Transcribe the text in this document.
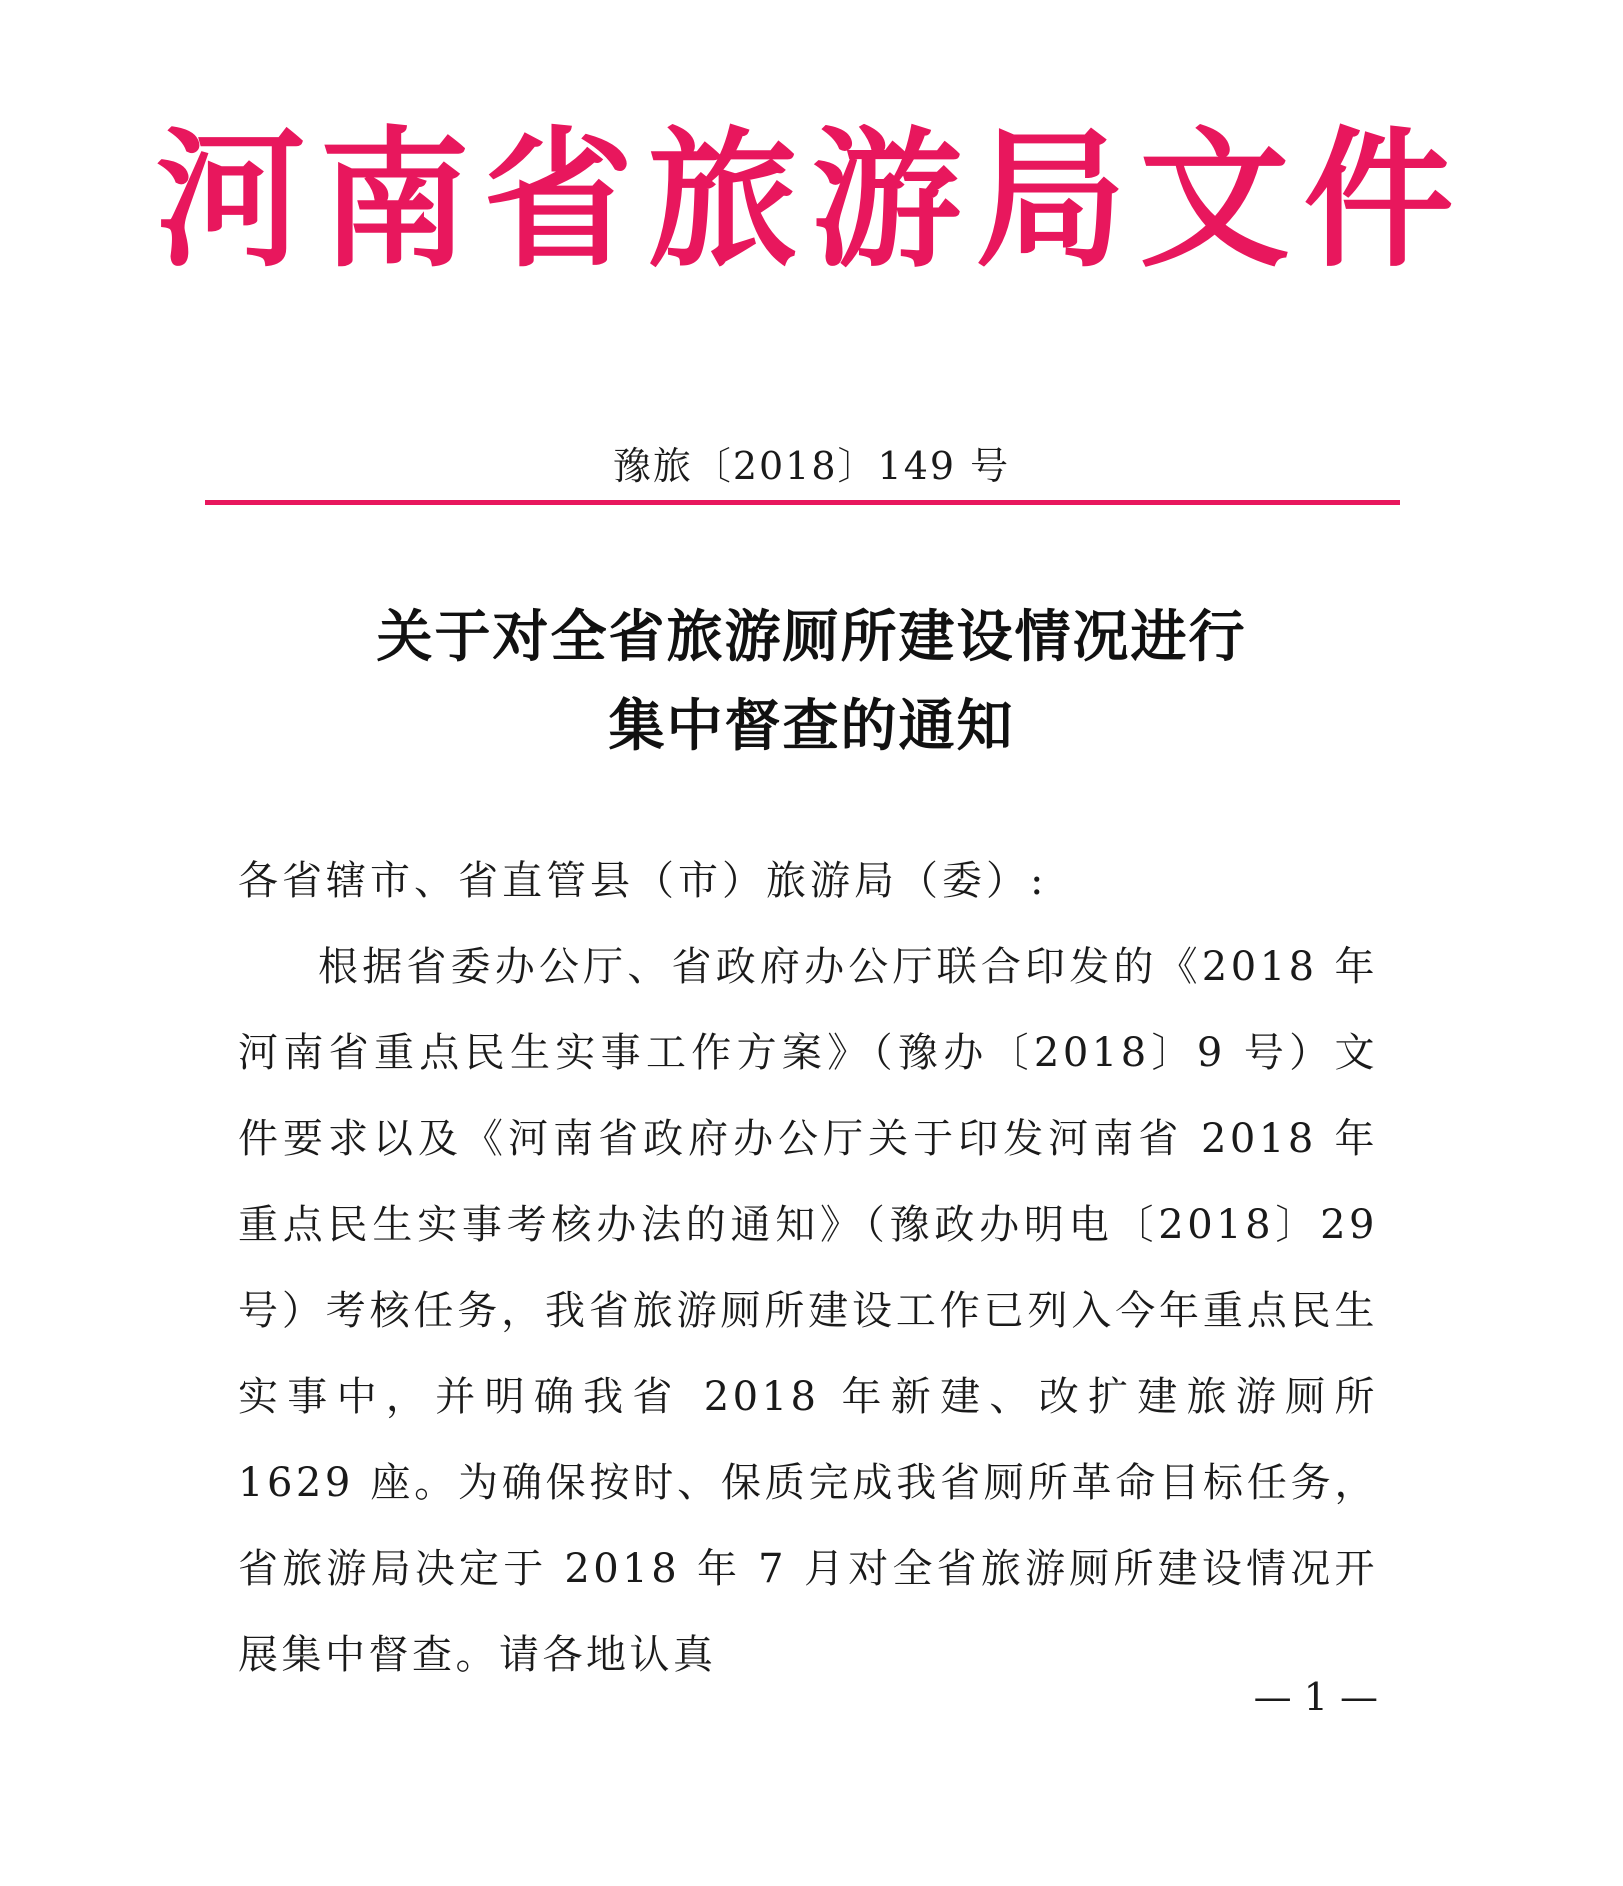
河南省旅游局文件
豫旅〔2018〕149 号
关于对全省旅游厕所建设情况进行
集中督查的通知
各省辖市、省直管县（市）旅游局（委）:
根据省委办公厅、省政府办公厅联合印发的《2018 年河南省重点民生实事工作方案》（豫办〔2018〕9 号）文件要求以及《河南省政府办公厅关于印发河南省 2018 年重点民生实事考核办法的通知》（豫政办明电〔2018〕29 号）考核任务，我省旅游厕所建设工作已列入今年重点民生实事中，并明确我省 2018 年新建、改扩建旅游厕所 1629 座。为确保按时、保质完成我省厕所革命目标任务，省旅游局决定于 2018 年 7 月对全省旅游厕所建设情况开展集中督查。请各地认真
— 1 —
